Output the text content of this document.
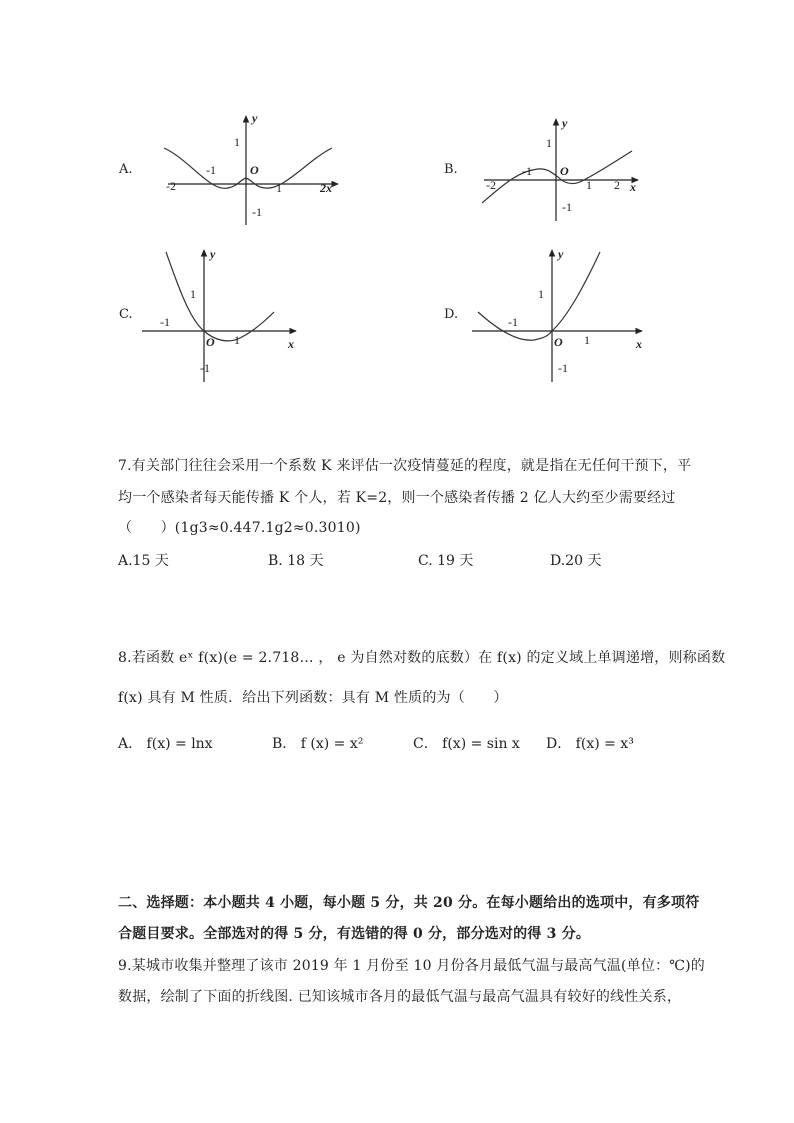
A.
-2
-1
1	2x
1
-1
O
y
B.
-2
-1
1 2 x
1
-1
O
y
C. -1
1	x
1
-1
O
y
D.	-1
1	x
1
-1
O
y
7.有关部门往往会采用一个系数 K 来评估一次疫情蔓延的程度，就是指在无任何干预下，平
均一个感染者每天能传播 K 个人，若 K=2，则一个感染者传播 2 亿人大约至少需要经过
（　　）(1g3≈0.447.1g2≈0.3010)
A.15 天	B. 18 天	C. 19 天	D.20 天
8.若函数 eˣ f(x)(e = 2.718… ， e 为自然对数的底数）在 f(x) 的定义域上单调递增，则称函数
f(x) 具有 M 性质．给出下列函数：具有 M 性质的为（　　）
A． f(x) = lnx	B． f (x) = x²	C． f(x) = sin x D． f(x) = x³
二、选择题：本小题共 4 小题，每小题 5 分，共 20 分。在每小题给出的选项中，有多项符
合题目要求。全部选对的得 5 分，有选错的得 0 分，部分选对的得 3 分。
9.某城市收集并整理了该市 2019 年 1 月份至 10 月份各月最低气温与最高气温(单位：℃)的
数据，绘制了下面的折线图. 已知该城市各月的最低气温与最高气温具有较好的线性关系，
